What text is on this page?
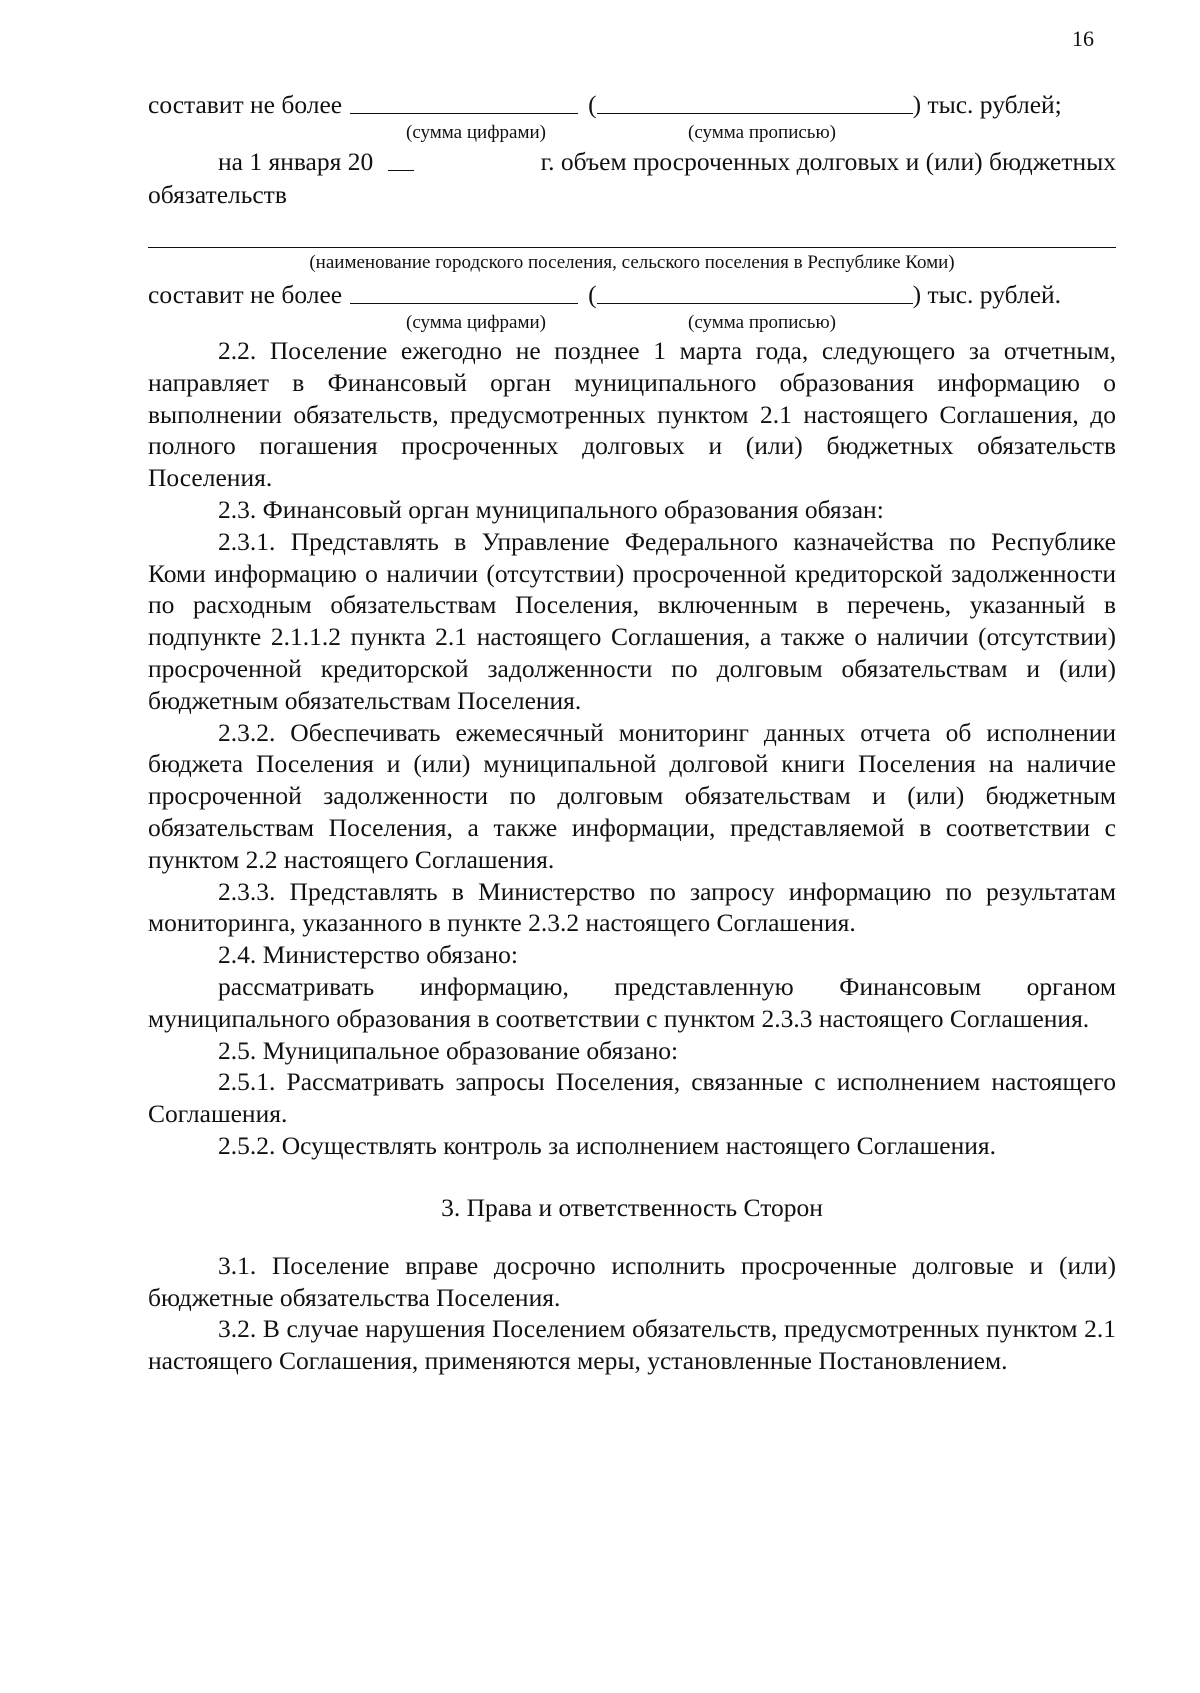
16
составит не более	(	) тыс. рублей;
(сумма цифрами)	(сумма прописью)
на 1 января 20	г. объем просроченных долговых и (или) бюджетных
обязательств
(наименование городского поселения, сельского поселения в Республике Коми)
составит не более	(	) тыс. рублей.
(сумма цифрами)	(сумма прописью)

2.2. Поселение ежегодно не позднее 1 марта года, следующего за отчетным, направляет в Финансовый орган муниципального образования информацию о выполнении обязательств, предусмотренных пунктом 2.1 настоящего Соглашения, до полного погашения просроченных долговых и (или) бюджетных обязательств Поселения.

2.3. Финансовый орган муниципального образования обязан:

2.3.1. Представлять в Управление Федерального казначейства по Республике Коми информацию о наличии (отсутствии) просроченной кредиторской задолженности по расходным обязательствам Поселения, включенным в перечень, указанный в подпункте 2.1.1.2 пункта 2.1 настоящего Соглашения, а также о наличии (отсутствии) просроченной кредиторской задолженности по долговым обязательствам и (или) бюджетным обязательствам Поселения.

2.3.2. Обеспечивать ежемесячный мониторинг данных отчета об исполнении бюджета Поселения и (или) муниципальной долговой книги Поселения на наличие просроченной задолженности по долговым обязательствам и (или) бюджетным обязательствам Поселения, а также информации, представляемой в соответствии с пунктом 2.2 настоящего Соглашения.

2.3.3. Представлять в Министерство по запросу информацию по результатам мониторинга, указанного в пункте 2.3.2 настоящего Соглашения.

2.4. Министерство обязано:

рассматривать информацию, представленную Финансовым органом муниципального образования в соответствии с пунктом 2.3.3 настоящего Соглашения.

2.5. Муниципальное образование обязано:

2.5.1. Рассматривать запросы Поселения, связанные с исполнением настоящего Соглашения.

2.5.2. Осуществлять контроль за исполнением настоящего Соглашения.

3. Права и ответственность Сторон

3.1. Поселение вправе досрочно исполнить просроченные долговые и (или) бюджетные обязательства Поселения.

3.2. В случае нарушения Поселением обязательств, предусмотренных пунктом 2.1 настоящего Соглашения, применяются меры, установленные Постановлением.
